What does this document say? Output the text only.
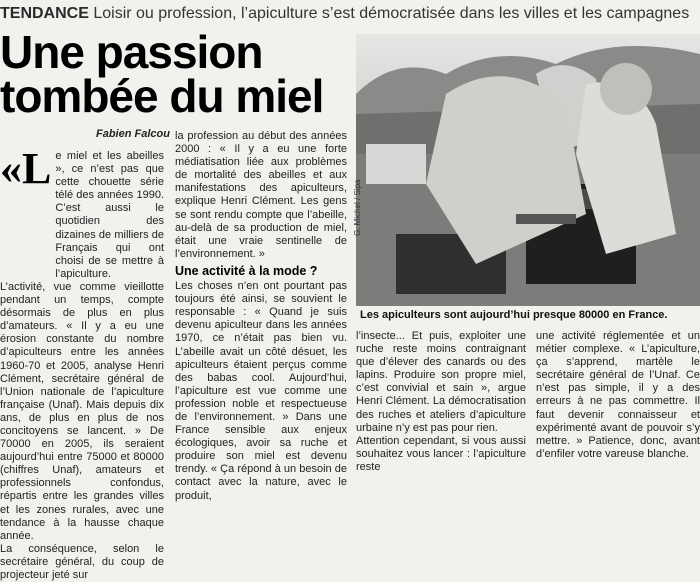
TENDANCE Loisir ou profession, l’apiculture s’est démocratisée dans les villes et les campagnes
Une passion
tombée du miel
Fabien Falcou
«L e miel et les abeilles », ce n’est pas que cette chouette série télé des années 1990. C’est aussi le quotidien des dizaines de milliers de Français qui ont choisi de se mettre à l’apiculture.

L’activité, vue comme vieillotte pendant un temps, compte désormais de plus en plus d’amateurs. « Il y a eu une érosion constante du nombre d’apiculteurs entre les années 1960-70 et 2005, analyse Henri Clément, secrétaire général de l’Union nationale de l’apiculture française (Unaf). Mais depuis dix ans, de plus en plus de nos concitoyens se lancent. » De 70000 en 2005, ils seraient aujourd’hui entre 75000 et 80000 (chiffres Unaf), amateurs et professionnels confondus, répartis entre les grandes villes et les zones rurales, avec une tendance à la hausse chaque année.

La conséquence, selon le secrétaire général, du coup de projecteur jeté sur

la profession au début des années 2000 : « Il y a eu une forte médiatisation liée aux problèmes de mortalité des abeilles et aux manifestations des apiculteurs, explique Henri Clément. Les gens se sont rendu compte que l’abeille, au-delà de sa production de miel, était une vraie sentinelle de l’environnement. »

Une activité à la mode ?

Les choses n’en ont pourtant pas toujours été ainsi, se souvient le responsable : « Quand je suis devenu apiculteur dans les années 1970, ce n’était pas bien vu. L’abeille avait un côté désuet, les apiculteurs étaient perçus comme des babas cool. Aujourd’hui, l’apiculture est vue comme une profession noble et respectueuse de l’environnement. » Dans une France sensible aux enjeux écologiques, avoir sa ruche et produire son miel est devenu trendy. « Ça répond à un besoin de contact avec la nature, avec le produit,

G. Michel / Sipa
Les apiculteurs sont aujourd’hui presque 80000 en France.

l’insecte... Et puis, exploiter une ruche reste moins contraignant que d’élever des canards ou des lapins. Produire son propre miel, c’est convivial et sain », argue Henri Clément. La démocratisation des ruches et ateliers d’apiculture urbaine n’y est pas pour rien.

Attention cependant, si vous aussi souhaitez vous lancer : l’apiculture reste

une activité réglementée et un métier complexe. « L’apiculture, ça s’apprend, martèle le secrétaire général de l’Unaf. Ce n’est pas simple, il y a des erreurs à ne pas commettre. Il faut devenir connaisseur et expérimenté avant de pouvoir s’y mettre. » Patience, donc, avant d’enfiler votre vareuse blanche.
